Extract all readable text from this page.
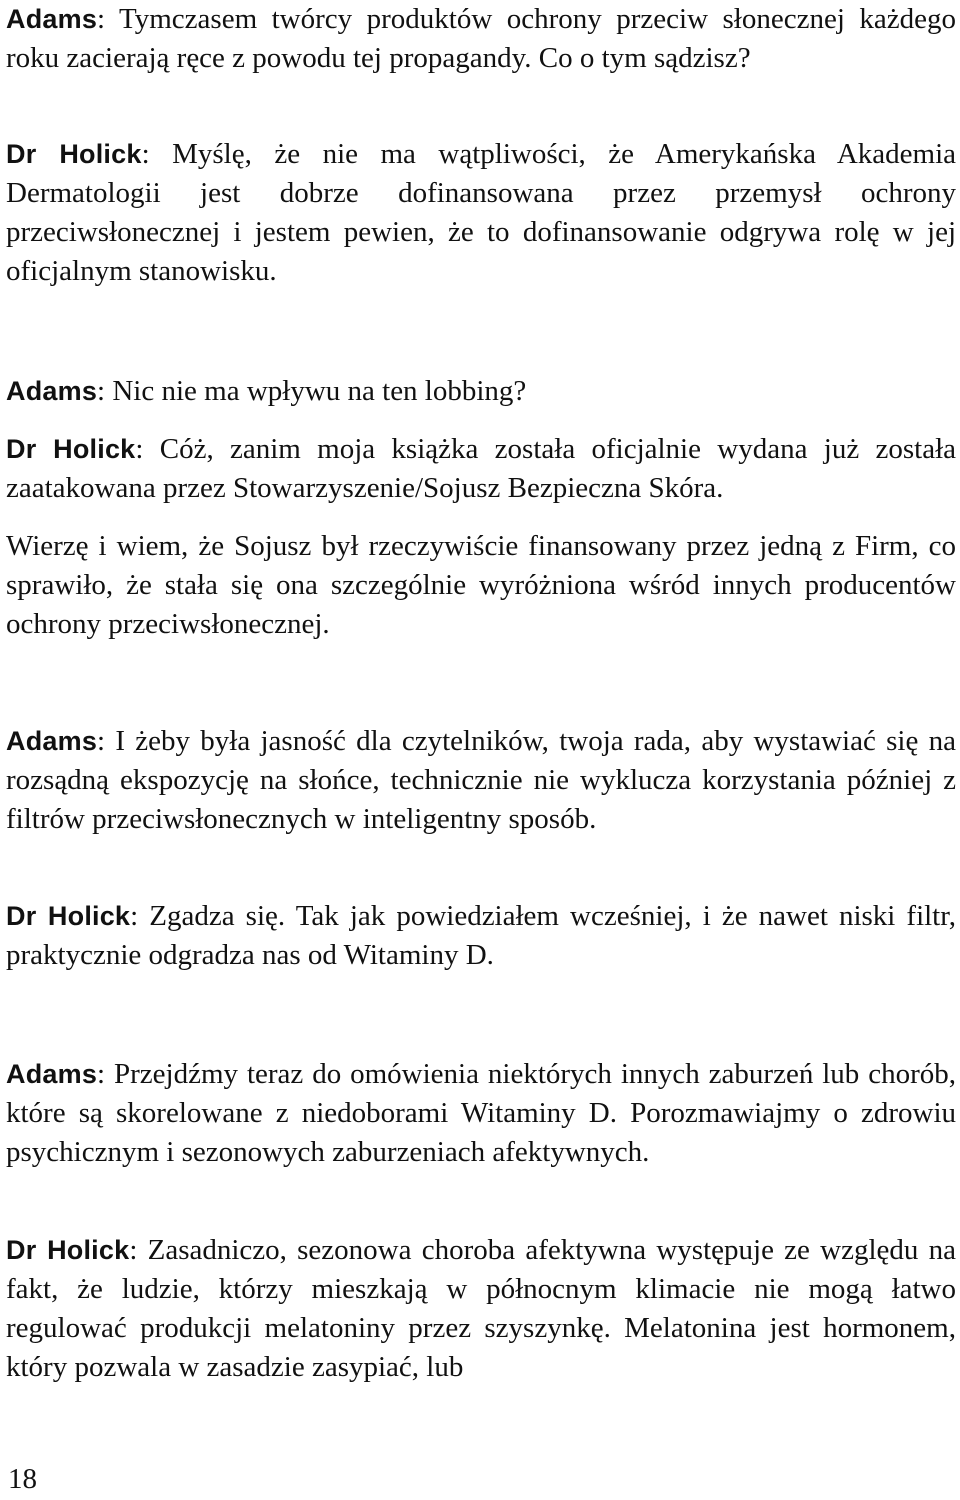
Adams: Tymczasem twórcy produktów ochrony przeciw słonecznej każdego roku zacierają ręce z powodu tej propagandy. Co o tym sądzisz?

Dr Holick: Myślę, że nie ma wątpliwości, że Amerykańska Akademia Dermatologii jest dobrze dofinansowana przez przemysł ochrony przeciwsłonecznej i jestem pewien, że to dofinansowanie odgrywa rolę w jej oficjalnym stanowisku.

Adams: Nic nie ma wpływu na ten lobbing?

Dr Holick: Cóż, zanim moja książka została oficjalnie wydana już została zaatakowana przez Stowarzyszenie/Sojusz Bezpieczna Skóra.

Wierzę i wiem, że Sojusz był rzeczywiście finansowany przez jedną z Firm, co sprawiło, że stała się ona szczególnie wyróżniona wśród innych producentów ochrony przeciwsłonecznej.

Adams: I żeby była jasność dla czytelników, twoja rada, aby wystawiać się na rozsądną ekspozycję na słońce, technicznie nie wyklucza korzystania później z filtrów przeciwsłonecznych w inteligentny sposób.

Dr Holick: Zgadza się. Tak jak powiedziałem wcześniej, i że nawet niski filtr, praktycznie odgradza nas od Witaminy D.

Adams: Przejdźmy teraz do omówienia niektórych innych zaburzeń lub chorób, które są skorelowane z niedoborami Witaminy D. Porozmawiajmy o zdrowiu psychicznym i sezonowych zaburzeniach afektywnych.

Dr Holick: Zasadniczo, sezonowa choroba afektywna występuje ze względu na fakt, że ludzie, którzy mieszkają w północnym klimacie nie mogą łatwo regulować produkcji melatoniny przez szyszynkę. Melatonina jest hormonem, który pozwala w zasadzie zasypiać, lub

18
